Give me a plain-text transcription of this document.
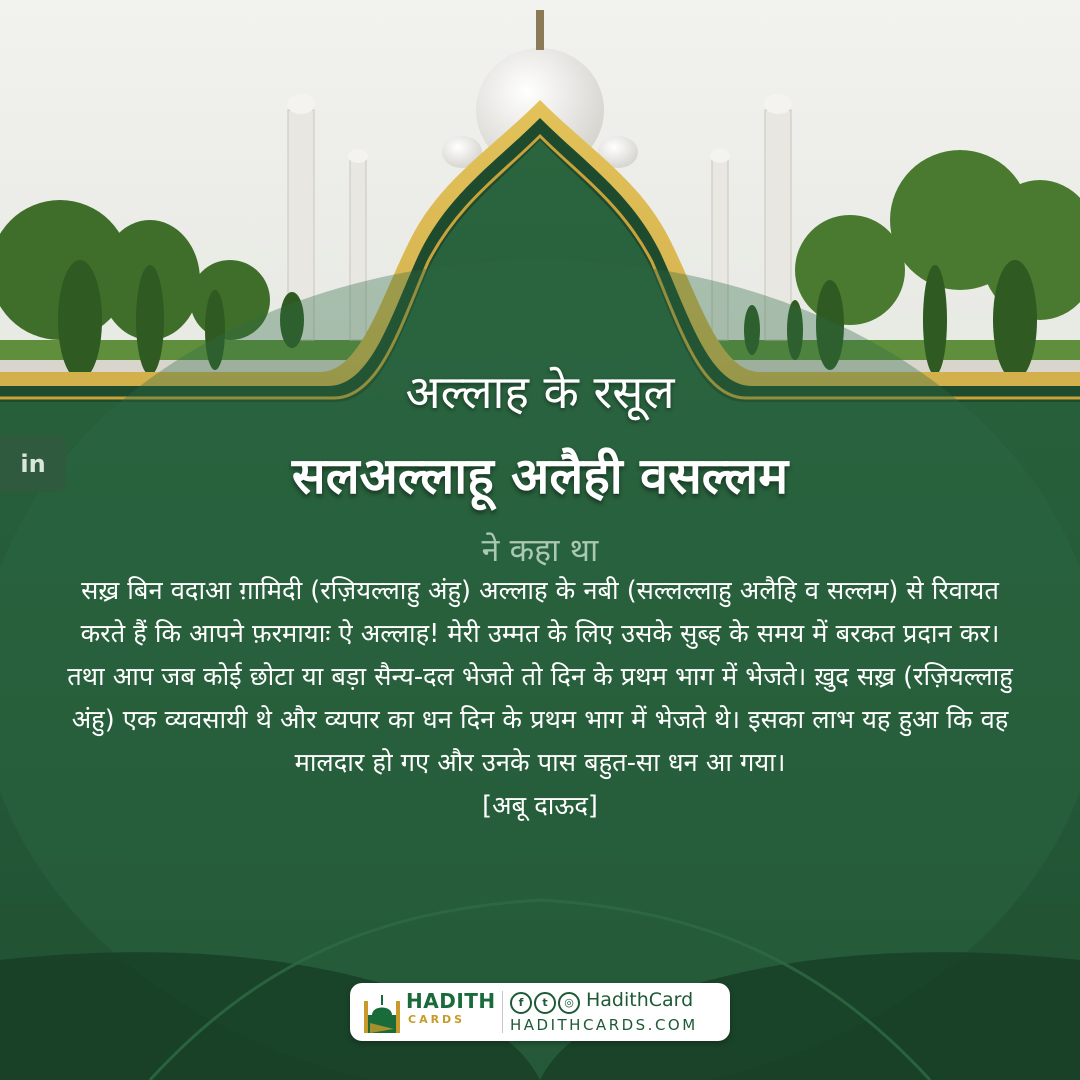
अल्लाह के रसूल
सलअल्लाहू अलैही वसल्लम
ने कहा था
सख़्र बिन वदाआ ग़ामिदी (रज़ियल्लाहु अंहु) अल्लाह के नबी (सल्लल्लाहु अलैहि व सल्लम) से रिवायत करते हैं कि आपने फ़रमायाः ऐ अल्लाह! मेरी उम्मत के लिए उसके सुब्ह के समय में बरकत प्रदान कर। तथा आप जब कोई छोटा या बड़ा सैन्य-दल भेजते तो दिन के प्रथम भाग में भेजते। ख़ुद सख़्र (रज़ियल्लाहु अंहु) एक व्यवसायी थे और व्यपार का धन दिन के प्रथम भाग में भेजते थे। इसका लाभ यह हुआ कि वह मालदार हो गए और उनके पास बहुत-सा धन आ गया।
[अबू दाऊद]
in
HADITH
CARDS
f	t	◎ HadithCard
HADITHCARDS.COM
